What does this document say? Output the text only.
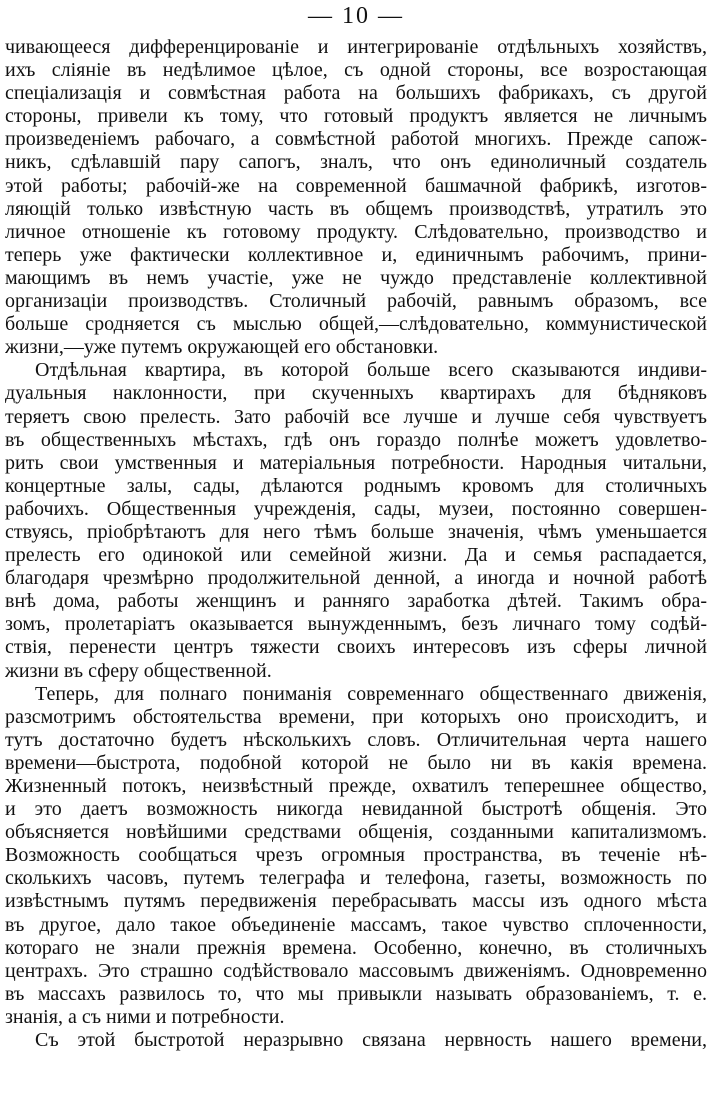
— 10 —
чивающееся дифференцированіе и интегрированіе отдѣльныхъ хозяйствъ,
ихъ сліяніе въ недѣлимое цѣлое, съ одной стороны, все возростающая
спеціализація и совмѣстная работа на большихъ фабрикахъ, съ другой
стороны, привели къ тому, что готовый продуктъ является не личнымъ
произведеніемъ рабочаго, а совмѣстной работой многихъ. Прежде сапож-
никъ, сдѣлавшій пару сапогъ, зналъ, что онъ единоличный создатель
этой работы; рабочій-же на современной башмачной фабрикѣ, изготов-
ляющій только извѣстную часть въ общемъ производствѣ, утратилъ это
личное отношеніе къ готовому продукту. Слѣдовательно, производство и
теперь уже фактически коллективное и, единичнымъ рабочимъ, прини-
мающимъ въ немъ участіе, уже не чуждо представленіе коллективной
организаціи производствъ. Столичный рабочій, равнымъ образомъ, все
больше сродняется съ мыслью общей,—слѣдовательно, коммунистической
жизни,—уже путемъ окружающей его обстановки.
Отдѣльная квартира, въ которой больше всего сказываются индиви-
дуальныя наклонности, при скученныхъ квартирахъ для бѣдняковъ
теряетъ свою прелесть. Зато рабочій все лучше и лучше себя чувствуетъ
въ общественныхъ мѣстахъ, гдѣ онъ гораздо полнѣе можетъ удовлетво-
рить свои умственныя и матеріальныя потребности. Народныя читальни,
концертные залы, сады, дѣлаются роднымъ кровомъ для столичныхъ
рабочихъ. Общественныя учрежденія, сады, музеи, постоянно совершен-
ствуясь, пріобрѣтаютъ для него тѣмъ больше значенія, чѣмъ уменьшается
прелесть его одинокой или семейной жизни. Да и семья распадается,
благодаря чрезмѣрно продолжительной денной, а иногда и ночной работѣ
внѣ дома, работы женщинъ и ранняго заработка дѣтей. Такимъ обра-
зомъ, пролетаріатъ оказывается вынужденнымъ, безъ личнаго тому содѣй-
ствія, перенести центръ тяжести своихъ интересовъ изъ сферы личной
жизни въ сферу общественной.
Теперь, для полнаго пониманія современнаго общественнаго движенія,
разсмотримъ обстоятельства времени, при которыхъ оно происходитъ, и
тутъ достаточно будетъ нѣсколькихъ словъ. Отличительная черта нашего
времени—быстрота, подобной которой не было ни въ какія времена.
Жизненный потокъ, неизвѣстный прежде, охватилъ теперешнее общество,
и это даетъ возможность никогда невиданной быстротѣ общенія. Это
объясняется новѣйшими средствами общенія, созданными капитализмомъ.
Возможность сообщаться чрезъ огромныя пространства, въ теченіе нѣ-
сколькихъ часовъ, путемъ телеграфа и телефона, газеты, возможность по
извѣстнымъ путямъ передвиженія перебрасывать массы изъ одного мѣста
въ другое, дало такое объединеніе массамъ, такое чувство сплоченности,
котораго не знали прежнія времена. Особенно, конечно, въ столичныхъ
центрахъ. Это страшно содѣйствовало массовымъ движеніямъ. Одновременно
въ массахъ развилось то, что мы привыкли называть образованіемъ, т. е.
знанія, а съ ними и потребности.
Съ этой быстротой неразрывно связана нервность нашего времени,
